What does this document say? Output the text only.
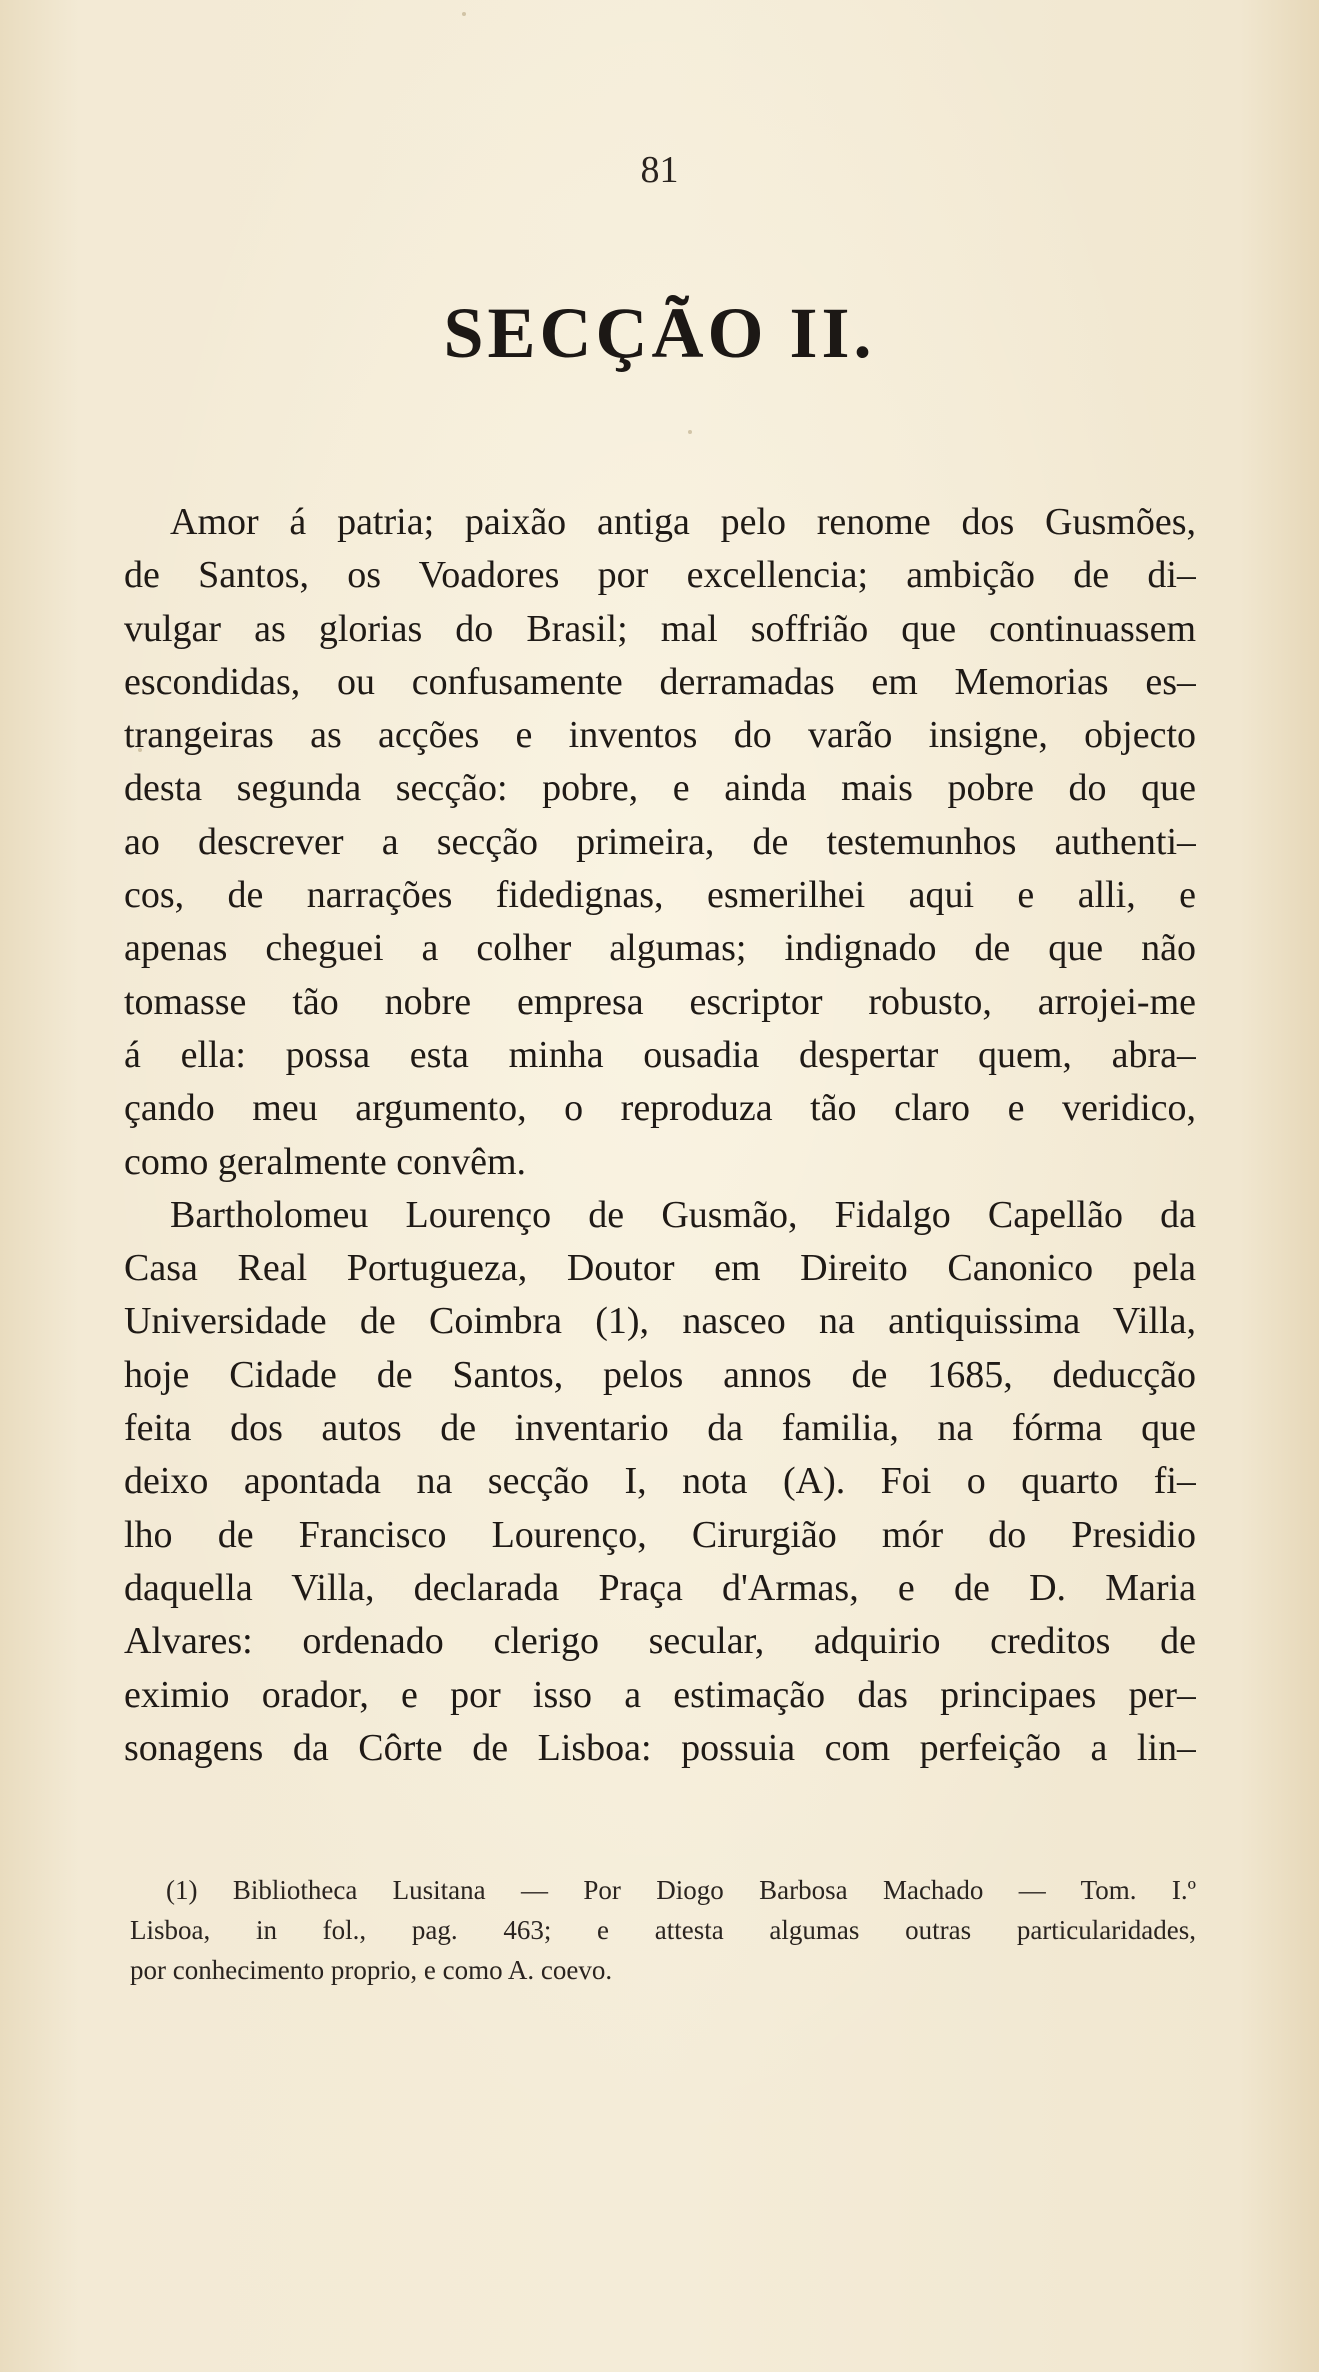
81
SECÇÃO II.
Amor á patria; paixão antiga pelo renome dos Gusmões,
de Santos, os Voadores por excellencia; ambição de di–
vulgar as glorias do Brasil; mal soffrião que continuassem
escondidas, ou confusamente derramadas em Memorias es–
trangeiras as acções e inventos do varão insigne, objecto
desta segunda secção: pobre, e ainda mais pobre do que
ao descrever a secção primeira, de testemunhos authenti–
cos, de narrações fidedignas, esmerilhei aqui e alli, e
apenas cheguei a colher algumas; indignado de que não
tomasse tão nobre empresa escriptor robusto, arrojei-me
á ella: possa esta minha ousadia despertar quem, abra–
çando meu argumento, o reproduza tão claro e veridico,
como geralmente convêm.
Bartholomeu Lourenço de Gusmão, Fidalgo Capellão da
Casa Real Portugueza, Doutor em Direito Canonico pela
Universidade de Coimbra (1), nasceo na antiquissima Villa,
hoje Cidade de Santos, pelos annos de 1685, deducção
feita dos autos de inventario da familia, na fórma que
deixo apontada na secção I, nota (A). Foi o quarto fi–
lho de Francisco Lourenço, Cirurgião mór do Presidio
daquella Villa, declarada Praça d'Armas, e de D. Maria
Alvares: ordenado clerigo secular, adquirio creditos de
eximio orador, e por isso a estimação das principaes per–
sonagens da Côrte de Lisboa: possuia com perfeição a lin–
(1) Bibliotheca Lusitana — Por Diogo Barbosa Machado — Tom. I.º
Lisboa, in fol., pag. 463; e attesta algumas outras particularidades,
por conhecimento proprio, e como A. coevo.
